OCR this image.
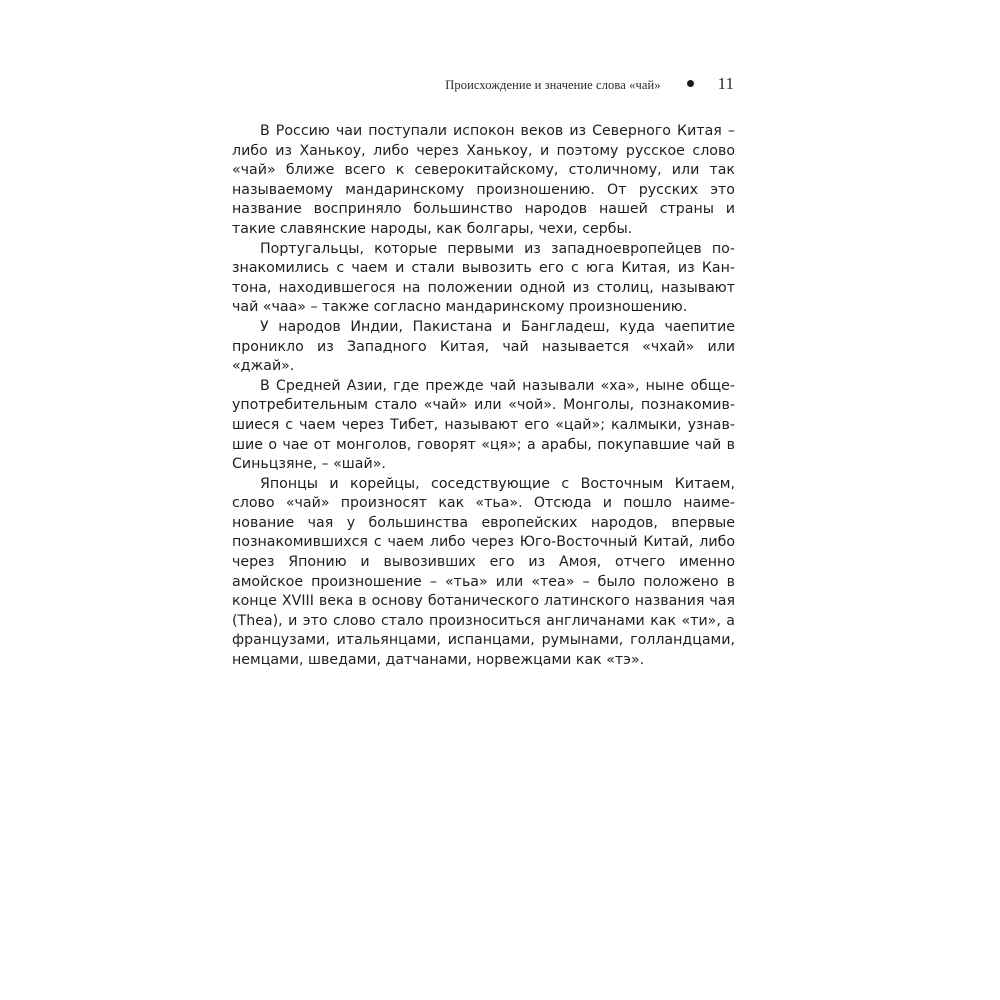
Происхождение и значение слова «чай»	11

В Россию чаи поступали испокон веков из Северного Китая – либо из Ханькоу, либо через Ханькоу, и поэтому русское слово «чай» ближе всего к северокитайскому, столичному, или так называемому мандаринскому произношению. От русских это название восприняло большинство народов нашей страны и такие славянские народы, как болгары, чехи, сербы.

Португальцы, которые первыми из западноевропейцев познакомились с чаем и стали вывозить его с юга Китая, из Кантона, находившегося на положении одной из столиц, называют чай «чаа» – также согласно мандаринскому произношению.

У народов Индии, Пакистана и Бангладеш, куда чаепитие проникло из Западного Китая, чай называется «чхай» или «джай».

В Средней Азии, где прежде чай называли «ха», ныне общеупотребительным стало «чай» или «чой». Монголы, познакомившиеся с чаем через Тибет, называют его «цай»; калмыки, узнавшие о чае от монголов, говорят «ця»; а арабы, покупавшие чай в Синьцзяне, – «шай».

Японцы и корейцы, соседствующие с Восточным Китаем, слово «чай» произносят как «тьа». Отсюда и пошло наименование чая у большинства европейских народов, впервые познакомившихся с чаем либо через Юго-Восточный Китай, либо через Японию и вывозивших его из Амоя, отчего именно амойское произношение – «тьа» или «теа» – было положено в конце XVIII века в основу ботанического латинского названия чая (Thea), и это слово стало произноситься англичанами как «ти», а французами, итальянцами, испанцами, румынами, голландцами, немцами, шведами, датчанами, норвежцами как «тэ».
